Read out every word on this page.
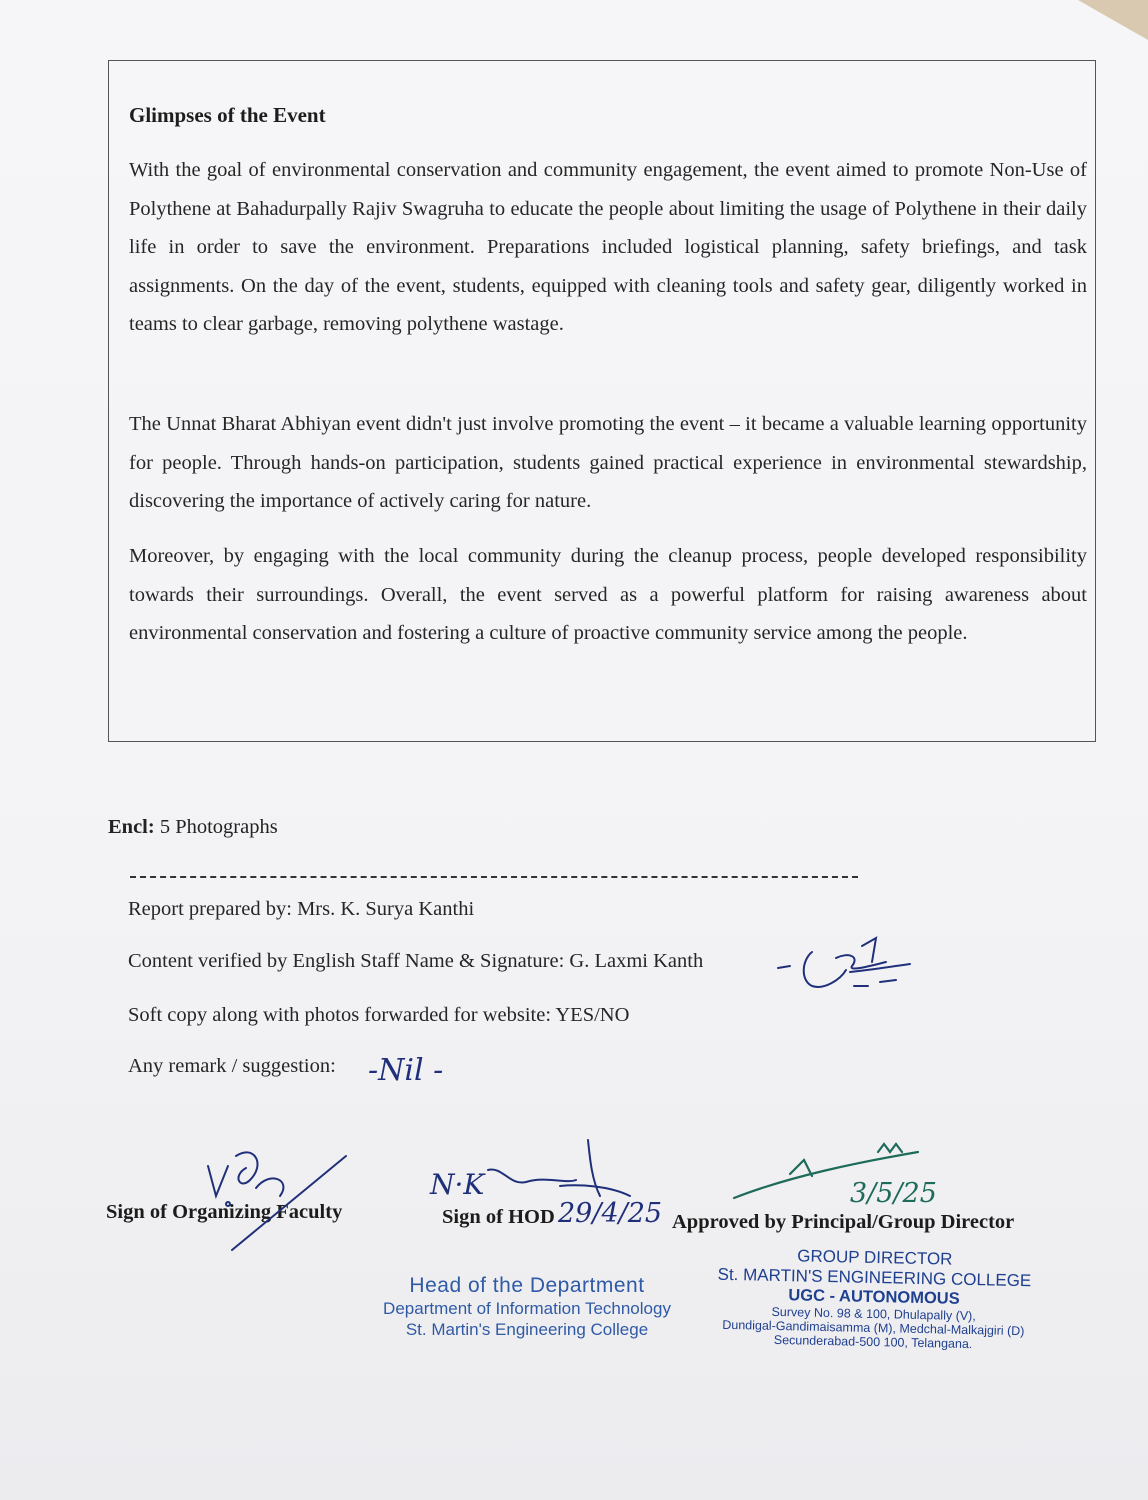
Glimpses of the Event
With the goal of environmental conservation and community engagement, the event aimed to promote Non-Use of Polythene at Bahadurpally Rajiv Swagruha to educate the people about limiting the usage of Polythene in their daily life in order to save the environment. Preparations included logistical planning, safety briefings, and task assignments. On the day of the event, students, equipped with cleaning tools and safety gear, diligently worked in teams to clear garbage, removing polythene wastage.
The Unnat Bharat Abhiyan event didn't just involve promoting the event – it became a valuable learning opportunity for people. Through hands-on participation, students gained practical experience in environmental stewardship, discovering the importance of actively caring for nature.
Moreover, by engaging with the local community during the cleanup process, people developed responsibility towards their surroundings. Overall, the event served as a powerful platform for raising awareness about environmental conservation and fostering a culture of proactive community service among the people.
Encl: 5 Photographs
Report prepared by: Mrs. K. Surya Kanthi
Content verified by English Staff Name & Signature: G. Laxmi Kanth
Soft copy along with photos forwarded for website: YES/NO
Any remark / suggestion:
Sign of Organizing Faculty	Sign of HOD	Approved by Principal/Group Director
Head of the Department
Department of Information Technology
St. Martin's Engineering College
GROUP DIRECTOR
St. MARTIN'S ENGINEERING COLLEGE
UGC - AUTONOMOUS
Survey No. 98 & 100, Dhulapally (V),
Dundigal-Gandimaisamma (M), Medchal-Malkajgiri (D)
Secunderabad-500 100, Telangana.
-Nil -
N·K
29/4/25
3/5/25
